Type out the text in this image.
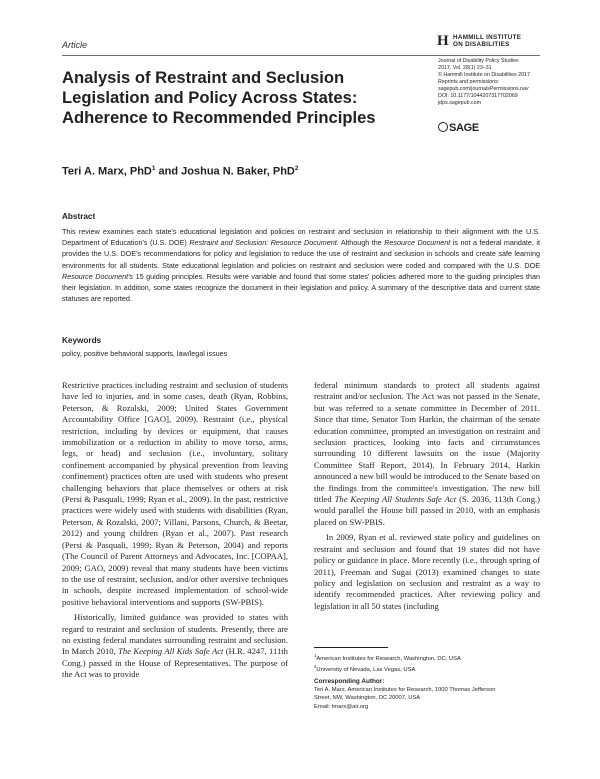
Article	H HAMMILL INSTITUTE
ON DISABILITIES
Journal of Disability Policy Studies
2017, Vol. 28(1) 23–31
© Hammill Institute on Disabilities 2017
Reprints and permissions:
sagepub.com/journalsPermissions.nav
DOI: 10.1177/1044207317702069
jdps.sagepub.com
SAGE
Analysis of Restraint and Seclusion
Legislation and Policy Across States:
Adherence to Recommended Principles
Teri A. Marx, PhD$^1$ and Joshua N. Baker, PhD$^2$
Abstract
This review examines each state's educational legislation and policies on restraint and seclusion in relationship to their alignment with the U.S. Department of Education's (U.S. DOE) Restraint and Seclusion: Resource Document. Although the Resource Document is not a federal mandate, it provides the U.S. DOE's recommendations for policy and legislation to reduce the use of restraint and seclusion in schools and create safe learning environments for all students. State educational legislation and policies on restraint and seclusion were coded and compared with the U.S. DOE Resource Document's 15 guiding principles. Results were variable and found that some states' policies adhered more to the guiding principles than their legislation. In addition, some states recognize the document in their legislation and policy. A summary of the descriptive data and current state statuses are reported.
Keywords
policy, positive behavioral supports, law/legal issues

Restrictive practices including restraint and seclusion of students have led to injuries, and in some cases, death (Ryan, Robbins, Peterson, & Rozalski, 2009; United States Government Accountability Office [GAO], 2009). Restraint (i.e., physical restriction, including by devices or equipment, that causes immobilization or a reduction in ability to move torso, arms, legs, or head) and seclusion (i.e., involuntary, solitary confinement accompanied by physical prevention from leaving confinement) practices often are used with students who present challenging behaviors that place themselves or others at risk (Persi & Pasquali, 1999; Ryan et al., 2009). In the past, restrictive practices were widely used with students with disabilities (Ryan, Peterson, & Rozalski, 2007; Villani, Parsons, Church, & Beetar, 2012) and young children (Ryan et al., 2007). Past research (Persi & Pasquali, 1999; Ryan & Peterson, 2004) and reports (The Council of Parent Attorneys and Advocates, Inc. [COPAA], 2009; GAO, 2009) reveal that many students have been victims to the use of restraint, seclusion, and/or other aversive techniques in schools, despite increased implementation of school-wide positive behavioral interventions and supports (SW-PBIS).

Historically, limited guidance was provided to states with regard to restraint and seclusion of students. Presently, there are no existing federal mandates surrounding restraint and seclusion. In March 2010, The Keeping All Kids Safe Act (H.R. 4247, 111th Cong.) passed in the House of Representatives. The purpose of the Act was to provide

federal minimum standards to protect all students against restraint and/or seclusion. The Act was not passed in the Senate, but was referred to a senate committee in December of 2011. Since that time, Senator Tom Harkin, the chairman of the senate education committee, prompted an investigation on restraint and seclusion practices, looking into facts and circumstances surrounding 10 different lawsuits on the issue (Majority Committee Staff Report, 2014). In February 2014, Harkin announced a new bill would be introduced to the Senate based on the findings from the committee's investigation. The new bill titled The Keeping All Students Safe Act (S. 2036, 113th Cong.) would parallel the House bill passed in 2010, with an emphasis placed on SW-PBIS.

In 2009, Ryan et al. reviewed state policy and guidelines on restraint and seclusion and found that 19 states did not have policy or guidance in place. More recently (i.e., through spring of 2011), Freeman and Sugai (2013) examined changes to state policy and legislation on seclusion and restraint as a way to identify recommended practices. After reviewing policy and legislation in all 50 states (including

$^1$American Institutes for Research, Washington, DC, USA
$^2$University of Nevada, Las Vegas, USA
Corresponding Author:
Teri A. Marx, American Institutes for Research, 1000 Thomas Jefferson
Street, NW, Washington, DC 20007, USA
Email: tmarx@air.org
